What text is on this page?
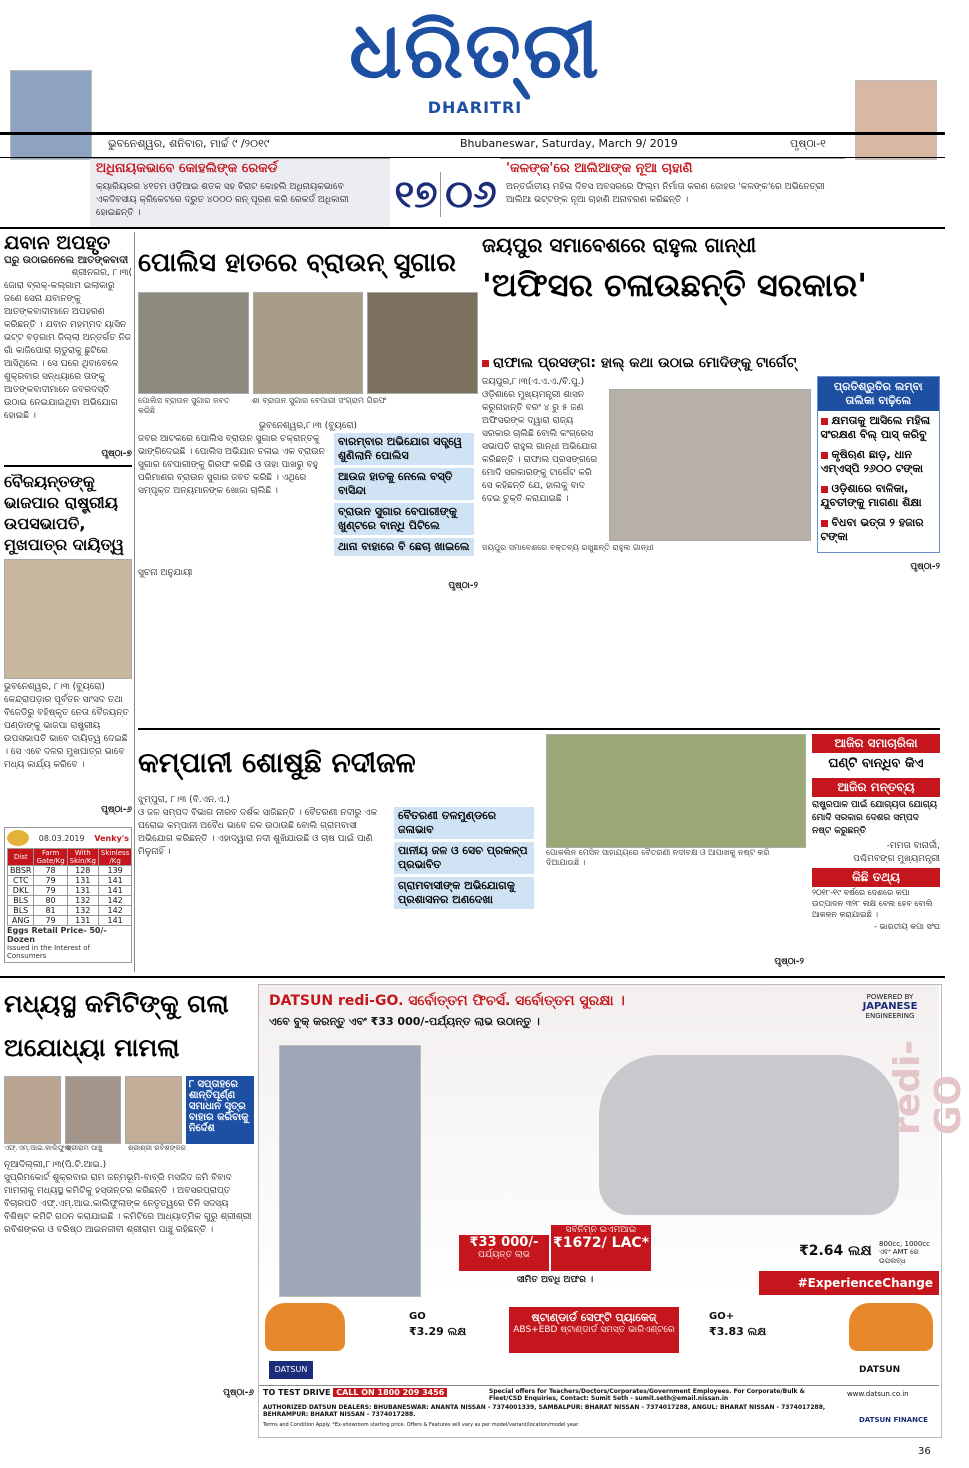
ଧରିତ୍ରୀ
DHARITRI
ଭୁବନେଶ୍ୱର, ଶନିବାର, ମାର୍ଚ୍ଚ ୯ /୨୦୧୯	Bhubaneswar, Saturday, March 9/ 2019	ପୃଷ୍ଠା-୧
ଅଧିନାୟକଭାବେ କୋହଲିଙ୍କ ରେକର୍ଡ
କ୍ୟାରିୟରର ୪୧ତମ ଓଡ଼ିଆଇ ଶତକ ସହ ବିରାଟ କୋହଲି ଅଧିନାୟକଭାବେ ଏକଦିବସୀୟ କ୍ରିକେଟରେ ଦ୍ରୁତ ୪୦୦୦ ରନ୍ ପୂରଣ କରି ରେକର୍ଡ ଅଧିକାରୀ ହୋଇଛନ୍ତି ।	୧୭ ୦୬
'କଳଙ୍କ'ରେ ଆଲିଆଙ୍କ ନୂଆ ଚାହାଣି
ଅନ୍ତର୍ଜାତୀୟ ମହିଳା ଦିବସ ଅବସରରେ ଫିଲ୍ମ ନିର୍ମାତା କରଣ ଜୋହର 'କଳଙ୍କ'ରେ ଅଭିନେତ୍ରୀ ଆଲିଆ ଭଟ୍ଟଙ୍କ ନୂଆ ଚାହାଣି ଅନାବରଣ କରିଛନ୍ତି ।
ଯବାନ ଅପହୃତ
ଘରୁ ଉଠାଇନେଲେ ଆତଙ୍କବାଦୀ
ଶ୍ରୀନଗର, ୮।୩(
ଜୋରା ବ୍ଲକ୍-କଲ୍ଗାମ ଇଲାକାରୁ ଜଣେ ସେନା ଯବାନଙ୍କୁ ଆତଙ୍କବାଦୀମାନେ ଅପହରଣ କରିଛନ୍ତି । ଯବାନ ମହମ୍ମଦ ୟାସିନ ଭଟ୍ଟ ବଡ଼ଗାମ ଜିଲ୍ଲା ଅନ୍ତର୍ଗତ ନିଜ ଗାଁ କାଜିପୋରା ଚାଡୁରାକୁ ଛୁଟିରେ ଆସିଥିଲେ । ସେ ଘରେ ଥିବାବେଳେ ଶୁକ୍ରବାର ସନ୍ଧ୍ୟାରେ ତାଙ୍କୁ ଆତଙ୍କବାଦୀମାନେ ଜବରଦସ୍ତି ଉଠାଇ ନେଇଯାଇଥିବା ଅଭିଯୋଗ ହୋଇଛି ।
ପୃଷ୍ଠା-୭
ବୈଜୟନ୍ତଙ୍କୁ ଭାଜପାର ରାଷ୍ଟ୍ରୀୟ ଉପସଭାପତି, ମୁଖପାତ୍ର ଦାୟିତ୍ୱ
ଭୁବନେଶ୍ୱର, ୮।୩ (ବ୍ୟୁରୋ)
କେନ୍ଦ୍ରାପଡ଼ାର ପୂର୍ବତନ ସାଂସଦ ତଥା ବିଜେଡିରୁ ବହିଷ୍କୃତ ନେତା ବୈଜୟନ୍ତ ପଣ୍ଡାଙ୍କୁ ଭାଜପା ରାଷ୍ଟ୍ରୀୟ ଉପସଭାପତି ଭାବେ ଦାୟିତ୍ୱ ଦେଇଛି । ସେ ଏବେ ଦଳର ମୁଖପାତ୍ର ଭାବେ ମଧ୍ୟ କାର୍ଯ୍ୟ କରିବେ ।
ପୃଷ୍ଠା-୬
08.03.2019 Venky's
Dist	Farm Gate/Kg	With Skin/Kg	Skinless /Kg
BBSR	78	128	139
CTC	79	131	141
DKL	79	131	141
BLS	80	132	142
BLS	81	132	142
ANG	79	131	141
Eggs Retail Price- 50/-Dozen
Issued in the Interest of Consumers
ପୋଲିସ ହାତରେ ବ୍ରାଉନ୍ ସୁଗାର
ପୋଲିସ ବ୍ରାଉନ ସୁଗାର ଜବତ କରିଛି
ଶା ବ୍ରାଉନ ସୁଗାର ବେପାରୀ ସଂଗ୍ରାମ ଗିରଫ
ଭୁବନେଶ୍ୱର,୮।୩ (ବ୍ୟୁରୋ)
ଜବର ଆଟକରେ ପୋଲିସ ବ୍ରାଉନ ସୁଗାର ଚକ୍ରାନ୍ତକୁ ଭାଙ୍ଗିଦେଇଛି । ପୋଲିସ ଅଭିଯାନ ଚଳାଇ ଏକ ବ୍ରାଉନ ସୁଗାର ବେପାରୀଙ୍କୁ ଗିରଫ କରିଛି ଓ ତାହା ପାଖରୁ ବହୁ ପରିମାଣର ବ୍ରାଉନ ସୁଗାର ଜବତ କରିଛି । ଏଥିରେ ସମ୍ପୃକ୍ତ ଅନ୍ୟମାନଙ୍କ ଖୋଜା ଚାଲିଛି ।
ବାରମ୍ବାର ଅଭିଯୋଗ ସତ୍ତ୍ୱେ ଶୁଣିଲାନି ପୋଲିସ
ଆଉଜ ହାତକୁ ନେଲେ ବସ୍ତି ବାସିନ୍ଦା
ବ୍ରାଉନ ସୁଗାର ବେପାରୀଙ୍କୁ ଖୁଣ୍ଟରେ ବାନ୍ଧି ପିଟିଲେ
ଥାନା ବାହାରେ ବି ଛେଚା ଖାଇଲେ
ସୁଚନା ଅନୁଯାୟୀ
ପୃଷ୍ଠା-୨
ଜୟପୁର ସମାବେଶରେ ରାହୁଲ ଗାନ୍ଧୀ
'ଅଫିସର ଚଳାଉଛନ୍ତି ସରକାର'
ରାଫାଲ ପ୍ରସଙ୍ଗ: ହାଲ୍ କଥା ଉଠାଇ ମୋଦିଙ୍କୁ ଟାର୍ଗେଟ୍
ଜୟପୁର,୮।୩(ଏ.ଏ.ଏ./ବି.ପୁ.)
ଓଡ଼ିଶାରେ ମୁଖ୍ୟମନ୍ତ୍ରୀ ଶାସନ କରୁନାହାନ୍ତି ବରଂ ୪ ରୁ ୫ ଜଣ ଅଫିସରଙ୍କ ଦ୍ୱାରା ରାଜ୍ୟ ସରକାର ଚାଲିଛି ବୋଲି କଂଗ୍ରେସ ସଭାପତି ରାହୁଲ ଗାନ୍ଧୀ ଅଭିଯୋଗ କରିଛନ୍ତି । ରାଫାଲ ପ୍ରସଙ୍ଗରେ ମୋଦି ସରକାରଙ୍କୁ ଟାର୍ଗେଟ କରି ସେ କହିଛନ୍ତି ଯେ, ହାଲକୁ ବାଦ ଦେଇ ଚୁକ୍ତି କରାଯାଇଛି ।
ଜୟପୁର ସମାବେଶରେ ବକ୍ତବ୍ୟ ରଖୁଛନ୍ତି ରାହୁଲ ଗାନ୍ଧୀ
ପ୍ରତିଶ୍ରୁତିର ଲମ୍ବା ତାଲିକା ବାଢ଼ିଲେ
କ୍ଷମତାକୁ ଆସିଲେ ମହିଳା ସଂରକ୍ଷଣ ବିଲ୍ ପାସ୍ କରିବୁ
କୃଷିଋଣ ଛାଡ଼, ଧାନ ଏମ୍ଏସ୍ପି ୨୬୦୦ ଟଙ୍କା
ଓଡ଼ିଶାରେ ବାଳିକା, ଯୁବତୀଙ୍କୁ ମାଗଣା ଶିକ୍ଷା
ବିଧବା ଭତ୍ତା ୨ ହଜାର ଟଙ୍କା
ପୃଷ୍ଠା-୨
କମ୍ପାନୀ ଶୋଷୁଛି ନଦୀଜଳ
ପୋକଲିନ ମେସିନ ସାହାଯ୍ୟରେ ବୈତରଣୀ ନଦୀବକ୍ଷ ଓ ଆପାଖକୁ ନଷ୍ଟ କରି ଦିଆଯାଉଛି ।
ଝୁମ୍ପୁରା, ୮।୩ (ବି.ଏନ.ଏ.)
ଓ ଜଳ ସମ୍ପଦ ବିଭାଗ ନୀରବ ଦର୍ଶକ ସାଜିଛନ୍ତି । ବୈତରଣୀ ନଦୀରୁ ଏକ ଘରୋଇ କମ୍ପାନୀ ଅବୈଧ ଭାବେ ଜଳ ଉଠାଉଛି ବୋଲି ଗ୍ରାମବାସୀ ଅଭିଯୋଗ କରିଛନ୍ତି । ଏହାଦ୍ୱାରା ନଦୀ ଶୁଖିଯାଉଛି ଓ ଚାଷ ପାଇଁ ପାଣି ମିଳୁନାହିଁ ।
ବୈତରଣୀ ତଳମୁଣ୍ଡରେ ଜଳାଭାବ
ପାନୀୟ ଜଳ ଓ ସେଚ ପ୍ରକଳ୍ପ ପ୍ରଭାବିତ
ଗ୍ରାମବାସୀଙ୍କ ଅଭିଯୋଗକୁ ପ୍ରଶାସନର ଅଣଦେଖା
ପୃଷ୍ଠା-୨
ଆଜିର ସମାଚାରିକା
ଘଣ୍ଟି ବାନ୍ଧିବ କିଏ
ଆଜିର ମନ୍ତବ୍ୟ
ରାଷ୍ଟ୍ରପାଳ ପାଇଁ ଯୋଗ୍ୟତା ଯୋଗ୍ୟ ମୋଦି ସରକାର ଦେଶର ସମ୍ପଦ ନଷ୍ଟ କରୁଛନ୍ତି
-ମମତା ବାନାର୍ଜୀ,
ପଶ୍ଚିମବଙ୍ଗ ମୁଖ୍ୟମନ୍ତ୍ରୀ
କିଛି ତଥ୍ୟ
୨୦୧୮-୧୯ ବର୍ଷରେ ଦେଶରେ କପା ଉତ୍ପାଦନ ୩୨୮ ଲକ୍ଷ ବେଲ ହେବ ବୋଲି ଆକଳନ କରାଯାଇଛି ।
- ଭାରତୀୟ କପା ସଂଘ
ମଧ୍ୟସ୍ଥ କମିଟିଙ୍କୁ ଗଲା ଅଯୋଧ୍ୟା ମାମଲା
୮ ସପ୍ତାହରେ ଶାନ୍ତିପୂର୍ଣ୍ଣ ସମାଧାନ ସୂତ୍ର ବାହାର କରିବାକୁ ନିର୍ଦ୍ଦେଶ
ଏଫ୍.ଏମ୍.ଆଇ.କାଲିଫୁଲା
ଶ୍ରୀରାମ ପାଞ୍ଚୁ	ଶ୍ରୀଶ୍ରୀ ରବିଶଙ୍କର
ନୂଆଦିଲ୍ଲୀ,୮।୩(ପି.ଟି.ଆଇ.)
ସୁପ୍ରିମକୋର୍ଟ ଶୁକ୍ରବାର ରାମ ଜନ୍ମଭୂମି-ବାବ୍ରି ମସଜିଦ ଜମି ବିବାଦ ମାମଲାକୁ ମଧ୍ୟସ୍ଥ କମିଟିକୁ ହସ୍ତାନ୍ତର କରିଛନ୍ତି । ଅବସରପ୍ରାପ୍ତ ବିଚାରପତି ଏଫ୍.ଏମ୍.ଆଇ.କାଲିଫୁଲାଙ୍କ ନେତୃତ୍ୱରେ ତିନି ସଦସ୍ୟ ବିଶିଷ୍ଟ କମିଟି ଗଠନ କରାଯାଇଛି । କମିଟିରେ ଆଧ୍ୟାତ୍ମିକ ଗୁରୁ ଶ୍ରୀଶ୍ରୀ ରବିଶଙ୍କର ଓ ବରିଷ୍ଠ ଆଇନଜୀବୀ ଶ୍ରୀରାମ ପାଞ୍ଚୁ ରହିଛନ୍ତି ।
ପୃଷ୍ଠା-୬
DATSUN redi-GO. ସର୍ବୋତ୍ତମ ଫିଚର୍ସ. ସର୍ବୋତ୍ତମ ସୁରକ୍ଷା ।
ଏବେ ବୁକ୍ କରନ୍ତୁ ଏବଂ ₹33 000/-ପର୍ଯ୍ୟନ୍ତ ଲାଭ ଉଠାନ୍ତୁ ।
POWERED BY
JAPANESE
ENGINEERING
redi-GO
₹33 000/-
ପର୍ଯ୍ୟନ୍ତ ଲାଭ
ସର୍ବନିମ୍ନ ଇଏମଆଇ
₹1672/ LAC*
ସୀମିତ ଅବଧି ଅଫର ।
₹2.64 ଲକ୍ଷ 800cc, 1000cc ଏବଂ AMT ରେ ଉପଲବ୍ଧ
#ExperienceChange
GO
₹3.29 ଲକ୍ଷ
ଷ୍ଟାଣ୍ଡାର୍ଡ ସେଫ୍ଟି ପ୍ୟାକେଜ୍
ABS+EBD ଷ୍ଟାଣ୍ଡାର୍ଡ ସମସ୍ତ ଭାରିଏଣ୍ଟରେ
GO+
₹3.83 ଲକ୍ଷ
DATSUN	DATSUN
TO TEST DRIVE CALL ON 1800 209 3456	Special offers for Teachers/Doctors/Corporates/Government Employees. For Corporate/Bulk & Fleet/CSD Enquiries, Contact: Sumit Seth - sumit.seth@email.nissan.in
www.datsun.co.in
AUTHORIZED DATSUN DEALERS: BHUBANESWAR: ANANTA NISSAN - 7374001339, SAMBALPUR: BHARAT NISSAN - 7374017288, ANGUL: BHARAT NISSAN - 7374017288, BEHRAMPUR: BHARAT NISSAN - 7374017288.
Terms and Condition Apply. *Ex-showroom starting price. Offers & Features will vary as per model/variant/location/model year.
DATSUN FINANCE
36
